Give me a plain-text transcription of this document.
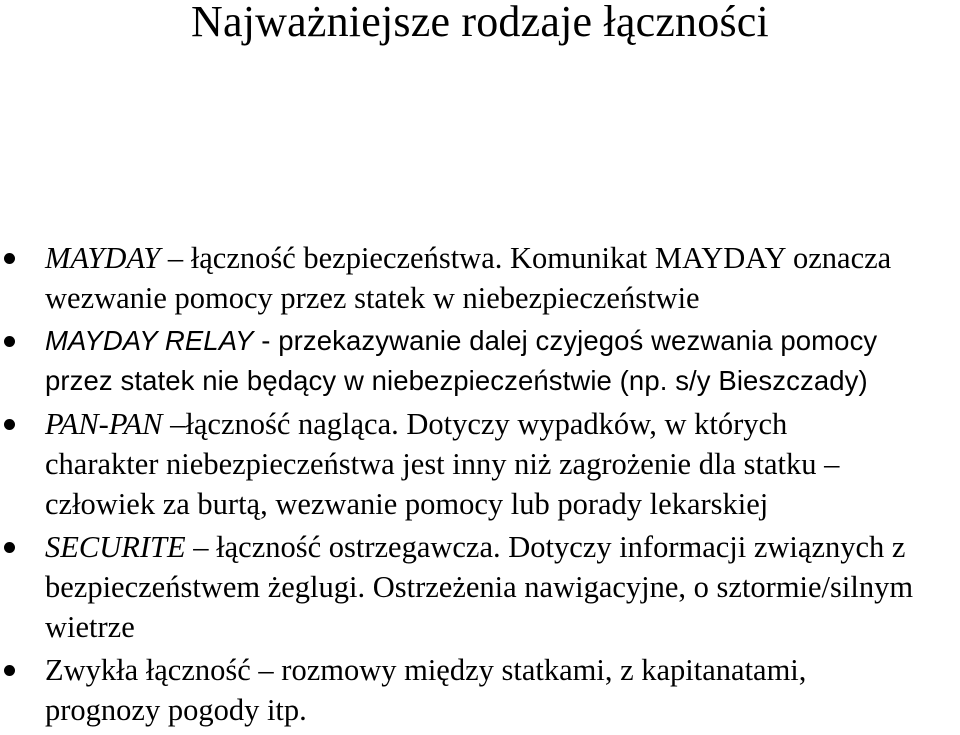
Najważniejsze rodzaje łączności
MAYDAY – łączność bezpieczeństwa. Komunikat MAYDAY oznacza
wezwanie pomocy przez statek w niebezpieczeństwie
MAYDAY RELAY - przekazywanie dalej czyjegoś wezwania pomocy
przez statek nie będący w niebezpieczeństwie (np. s/y Bieszczady)
PAN-PAN –łączność nagląca. Dotyczy wypadków, w których
charakter niebezpieczeństwa jest inny niż zagrożenie dla statku –
człowiek za burtą, wezwanie pomocy lub porady lekarskiej
SECURITE – łączność ostrzegawcza. Dotyczy informacji związnych z
bezpieczeństwem żeglugi. Ostrzeżenia nawigacyjne, o sztormie/silnym
wietrze
Zwykła łączność – rozmowy między statkami, z kapitanatami,
prognozy pogody itp.
